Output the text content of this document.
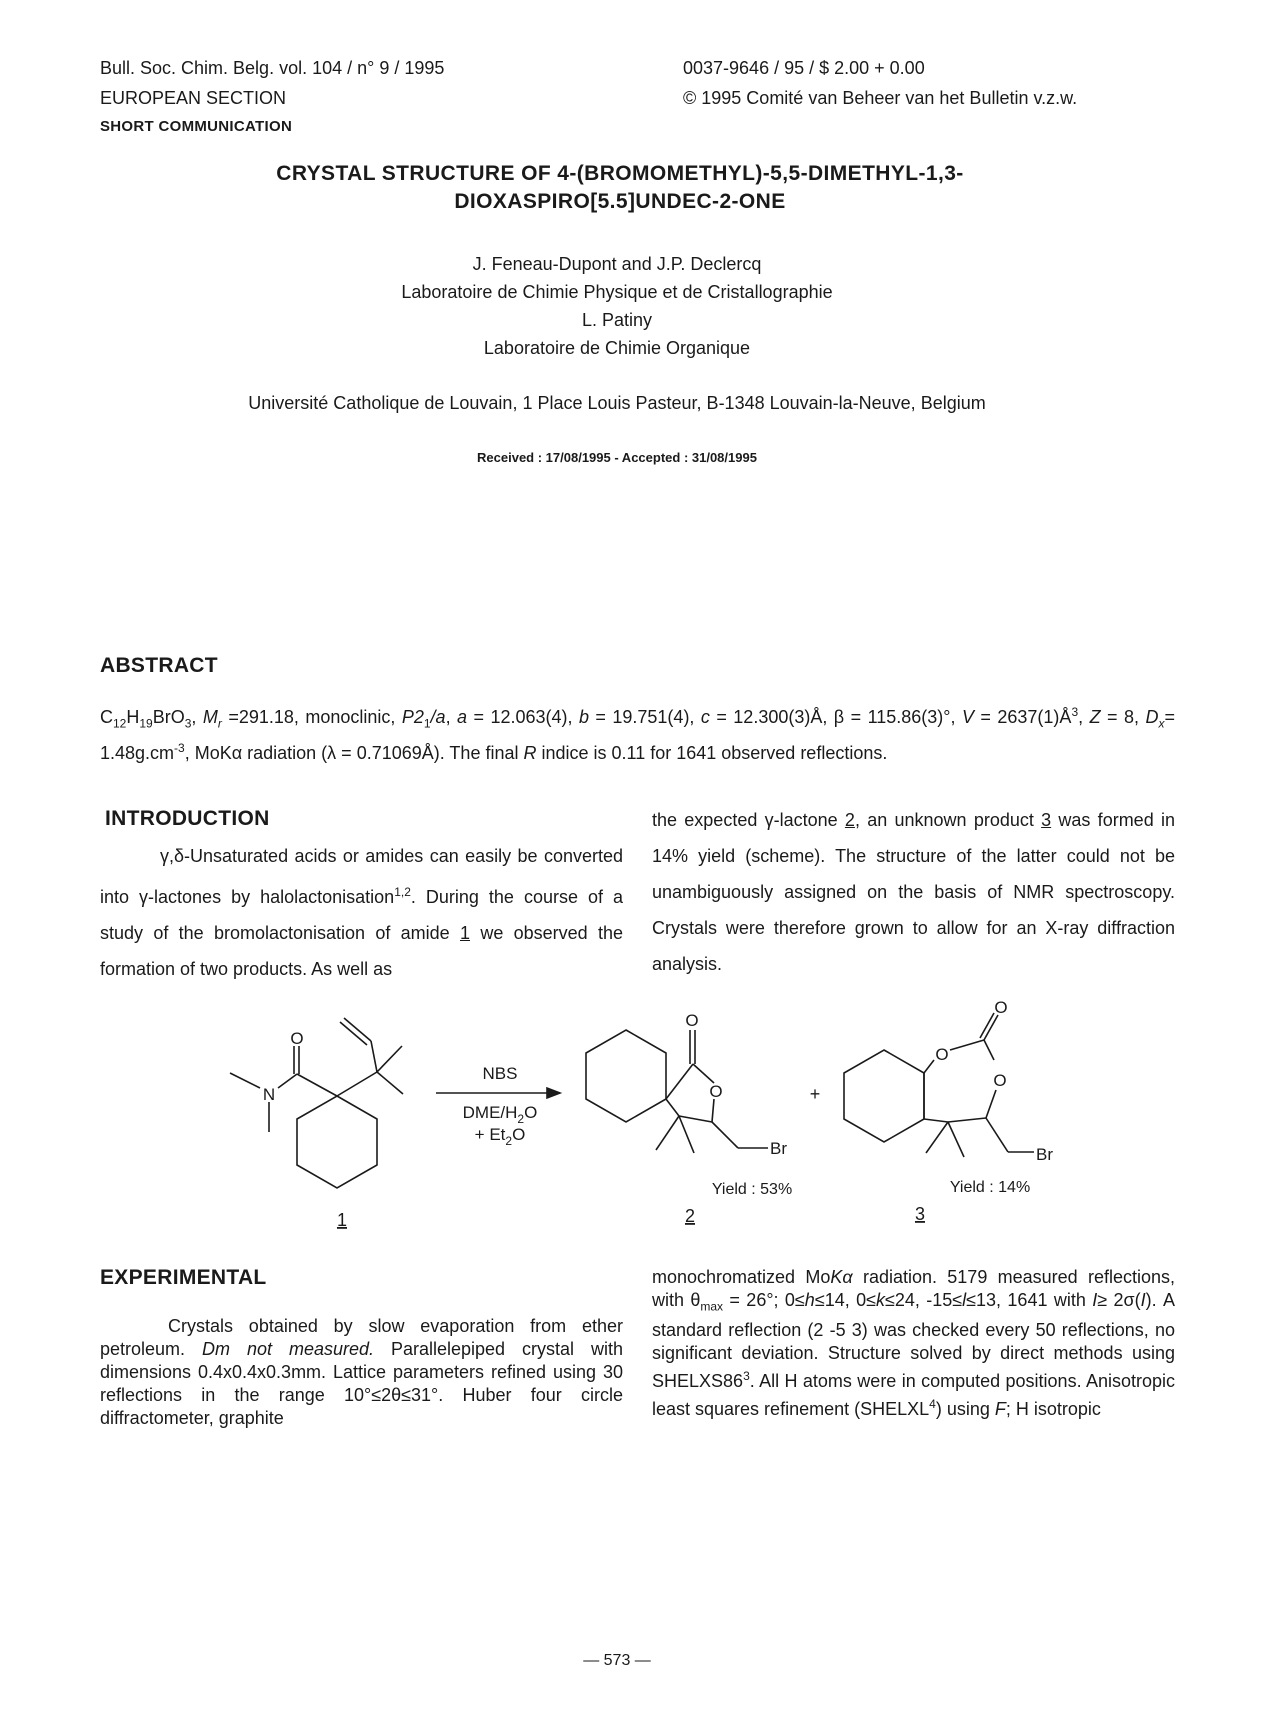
Bull. Soc. Chim. Belg. vol. 104 / n° 9 / 1995
EUROPEAN SECTION
SHORT COMMUNICATION
0037-9646 / 95 / $ 2.00 + 0.00
© 1995 Comité van Beheer van het Bulletin v.z.w.
CRYSTAL STRUCTURE OF 4-(BROMOMETHYL)-5,5-DIMETHYL-1,3-
DIOXASPIRO[5.5]UNDEC-2-ONE
J. Feneau-Dupont and J.P. Declercq
Laboratoire de Chimie Physique et de Cristallographie
L. Patiny
Laboratoire de Chimie Organique
Université Catholique de Louvain, 1 Place Louis Pasteur, B-1348 Louvain-la-Neuve, Belgium
Received : 17/08/1995 - Accepted : 31/08/1995
ABSTRACT
$C_{12}H_{19}BrO_3$, $M_r =291.18$, monoclinic, $P2_1/a$, a = 12.063(4), b = 19.751(4), c = 12.300(3)Å, β = 115.86(3)°, $V = 2637(1)Å^3$, Z = 8, $D_x= 1.48g.cm^{-3}$, MoKα radiation (λ = 0.71069Å). The final R indice is 0.11 for 1641 observed reflections.
INTRODUCTION
γ,δ-Unsaturated acids or amides can easily be converted into γ-lactones by halolactonisation$^{1,2}$. During the course of a study of the bromolactonisation of amide 1 we observed the formation of two products. As well as
the expected γ-lactone 2, an unknown product 3 was formed in 14% yield (scheme). The structure of the latter could not be unambiguously assigned on the basis of NMR spectroscopy. Crystals were therefore grown to allow for an X-ray diffraction analysis.
O
N
1
NBS
DME/$H_2O$
+ $Et_2O$
O
O
Br
Yield : 53%
2
+
O
O
O
Br
Yield : 14%
3
EXPERIMENTAL
Crystals obtained by slow evaporation from ether petroleum. Dm not measured. Parallelepiped crystal with dimensions 0.4x0.4x0.3mm. Lattice parameters refined using 30 reflections in the range 10°≤2θ≤31°. Huber four circle diffractometer, graphite
monochromatized MoKα radiation. 5179 measured reflections, with $\theta_{max} = 26^\circ$; 0≤h≤14, 0≤k≤24, -15≤l≤13, 1641 with I≥ 2σ(I). A standard reflection (2 -5 3) was checked every 50 reflections, no significant deviation. Structure solved by direct methods using $SHELXS86^3$. All H atoms were in computed positions. Anisotropic least squares refinement (SHELXL$^4$) using F; H isotropic
— 573 —
